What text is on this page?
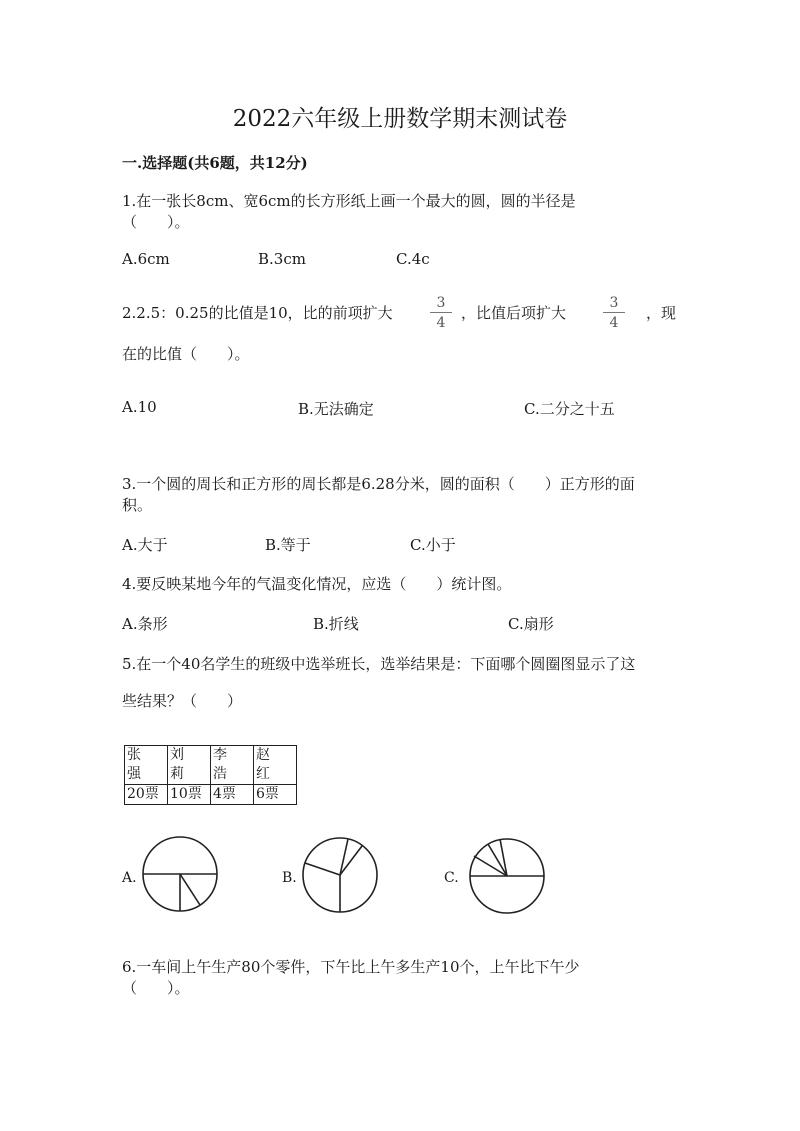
2022六年级上册数学期末测试卷
一.选择题(共6题，共12分)
1.在一张长8cm、宽6cm的长方形纸上画一个最大的圆，圆的半径是
（　　）。
A.6cm	B.3cm	C.4c
2.2.5：0.25的比值是10，比的前项扩大	$\frac{3}{4}$ ，比值后项扩大	$\frac{3}{4}$ ，现
在的比值（　　）。
A.10	B.无法确定	C.二分之十五
3.一个圆的周长和正方形的周长都是6.28分米，圆的面积（　　）正方形的面
积。
A.大于	B.等于	C.小于
4.要反映某地今年的气温变化情况，应选（　　）统计图。
A.条形	B.折线	C.扇形
5.在一个40名学生的班级中选举班长，选举结果是：下面哪个圆圈图显示了这
些结果？（　　）
张强	刘莉	李浩	赵红
20票	10票	4票	6票
A.	B.	C.
6.一车间上午生产80个零件，下午比上午多生产10个，上午比下午少
（　　）。
